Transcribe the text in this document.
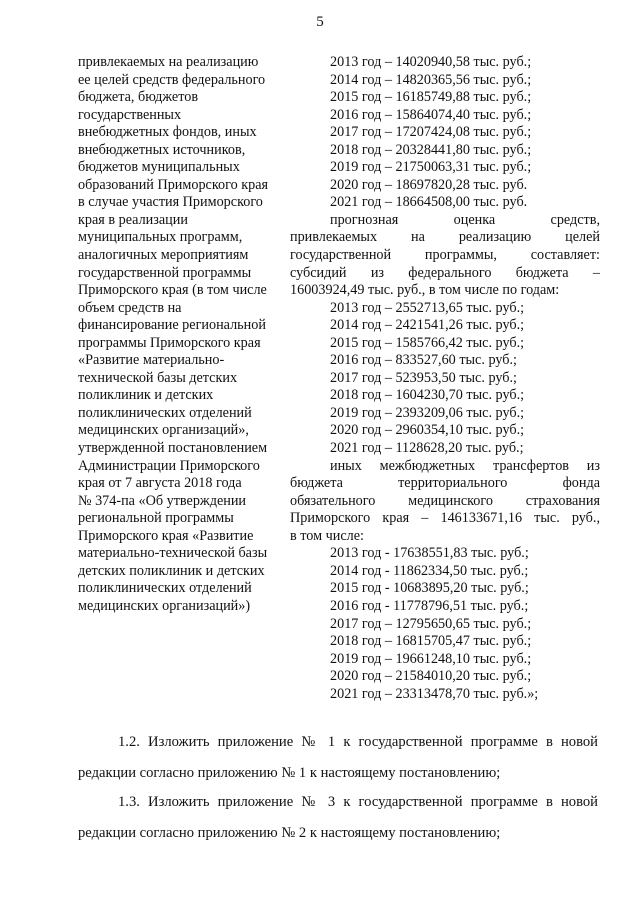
5
привлекаемых на реализацию
ее целей средств федерального
бюджета, бюджетов
государственных
внебюджетных фондов, иных
внебюджетных источников,
бюджетов муниципальных
образований Приморского края
в случае участия Приморского
края в реализации
муниципальных программ,
аналогичных мероприятиям
государственной программы
Приморского края (в том числе
объем средств на
финансирование региональной
программы Приморского края
«Развитие материально-
технической базы детских
поликлиник и детских
поликлинических отделений
медицинских организаций»,
утвержденной постановлением
Администрации Приморского
края от 7 августа 2018 года
№ 374-па «Об утверждении
региональной программы
Приморского края «Развитие
материально-технической базы
детских поликлиник и детских
поликлинических отделений
медицинских организаций»)
2013 год – 14020940,58 тыс. руб.;
2014 год – 14820365,56 тыс. руб.;
2015 год – 16185749,88 тыс. руб.;
2016 год – 15864074,40 тыс. руб.;
2017 год – 17207424,08 тыс. руб.;
2018 год – 20328441,80 тыс. руб.;
2019 год – 21750063,31 тыс. руб.;
2020 год – 18697820,28 тыс. руб.
2021 год – 18664508,00 тыс. руб.
прогнозная оценка средств,
привлекаемых на реализацию целей
государственной программы, составляет:
субсидий из федерального бюджета –
16003924,49 тыс. руб., в том числе по годам:
2013 год – 2552713,65 тыс. руб.;
2014 год – 2421541,26 тыс. руб.;
2015 год – 1585766,42 тыс. руб.;
2016 год – 833527,60 тыс. руб.;
2017 год – 523953,50 тыс. руб.;
2018 год – 1604230,70 тыс. руб.;
2019 год – 2393209,06 тыс. руб.;
2020 год – 2960354,10 тыс. руб.;
2021 год – 1128628,20 тыс. руб.;
иных межбюджетных трансфертов из
бюджета территориального фонда
обязательного медицинского страхования
Приморского края – 146133671,16 тыс. руб.,
в том числе:
2013 год - 17638551,83 тыс. руб.;
2014 год - 11862334,50 тыс. руб.;
2015 год - 10683895,20 тыс. руб.;
2016 год - 11778796,51 тыс. руб.;
2017 год – 12795650,65 тыс. руб.;
2018 год – 16815705,47 тыс. руб.;
2019 год – 19661248,10 тыс. руб.;
2020 год – 21584010,20 тыс. руб.;
2021 год – 23313478,70 тыс. руб.»;
1.2. Изложить приложение № 1 к государственной программе в новой
редакции согласно приложению № 1 к настоящему постановлению;
1.3. Изложить приложение № 3 к государственной программе в новой
редакции согласно приложению № 2 к настоящему постановлению;
